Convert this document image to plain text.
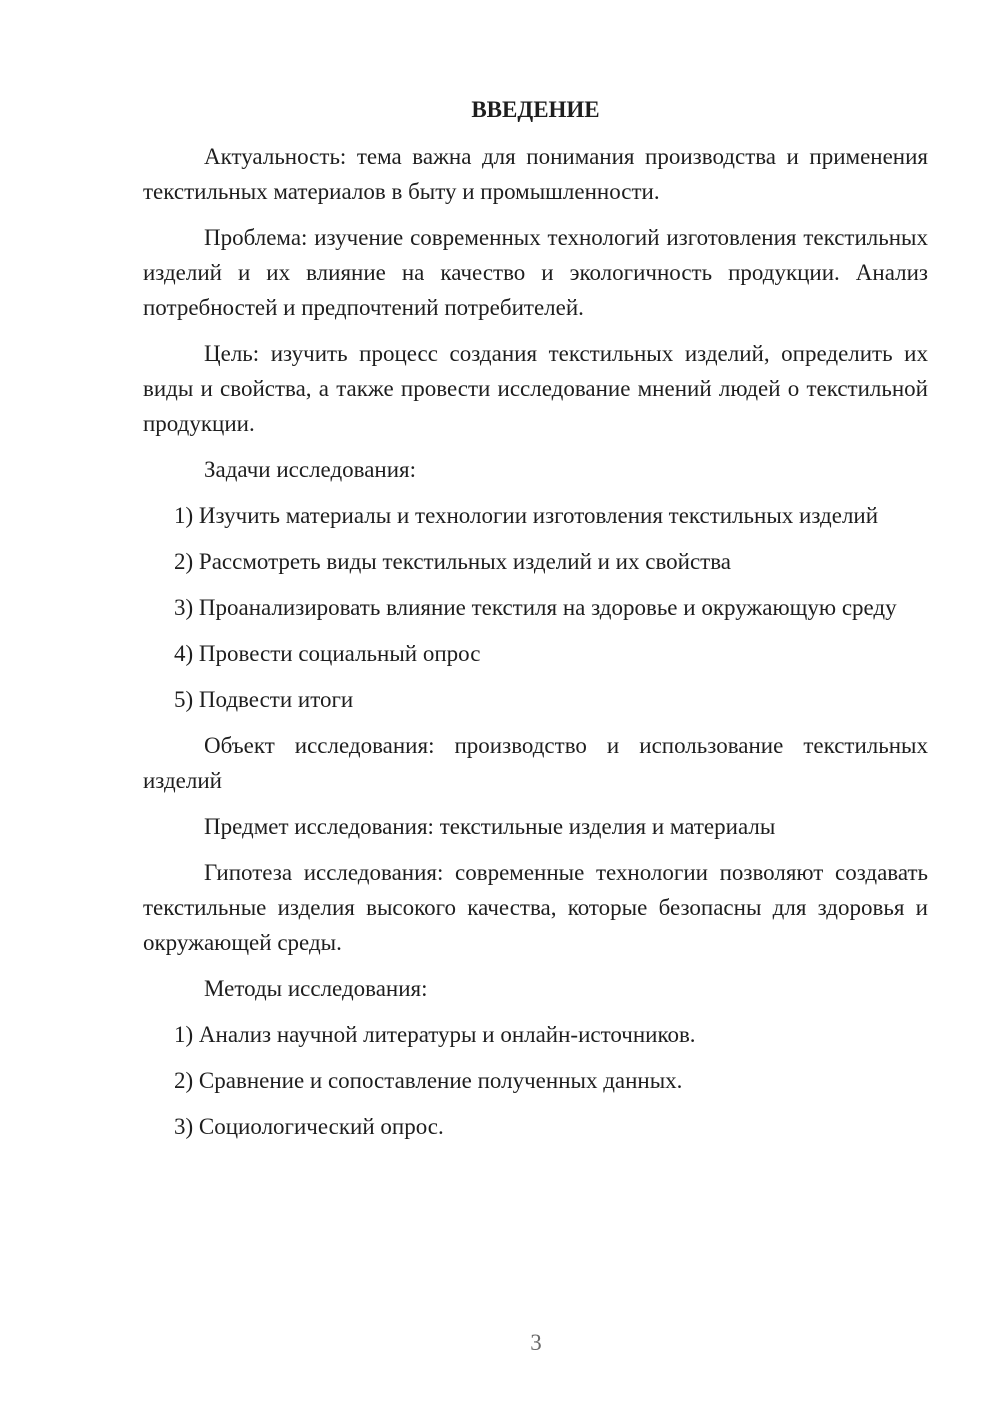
ВВЕДЕНИЕ

Актуальность: тема важна для понимания производства и применения текстильных материалов в быту и промышленности.

Проблема: изучение современных технологий изготовления текстильных изделий и их влияние на качество и экологичность продукции. Анализ потребностей и предпочтений потребителей.

Цель: изучить процесс создания текстильных изделий, определить их виды и свойства, а также провести исследование мнений людей о текстильной продукции.

Задачи исследования:

1) Изучить материалы и технологии изготовления текстильных изделий

2) Рассмотреть виды текстильных изделий и их свойства

3) Проанализировать влияние текстиля на здоровье и окружающую среду

4) Провести социальный опрос

5) Подвести итоги

Объект исследования: производство и использование текстильных изделий

Предмет исследования: текстильные изделия и материалы

Гипотеза исследования: современные технологии позволяют создавать текстильные изделия высокого качества, которые безопасны для здоровья и окружающей среды.

Методы исследования:

1) Анализ научной литературы и онлайн-источников.

2) Сравнение и сопоставление полученных данных.

3) Социологический опрос.

3
